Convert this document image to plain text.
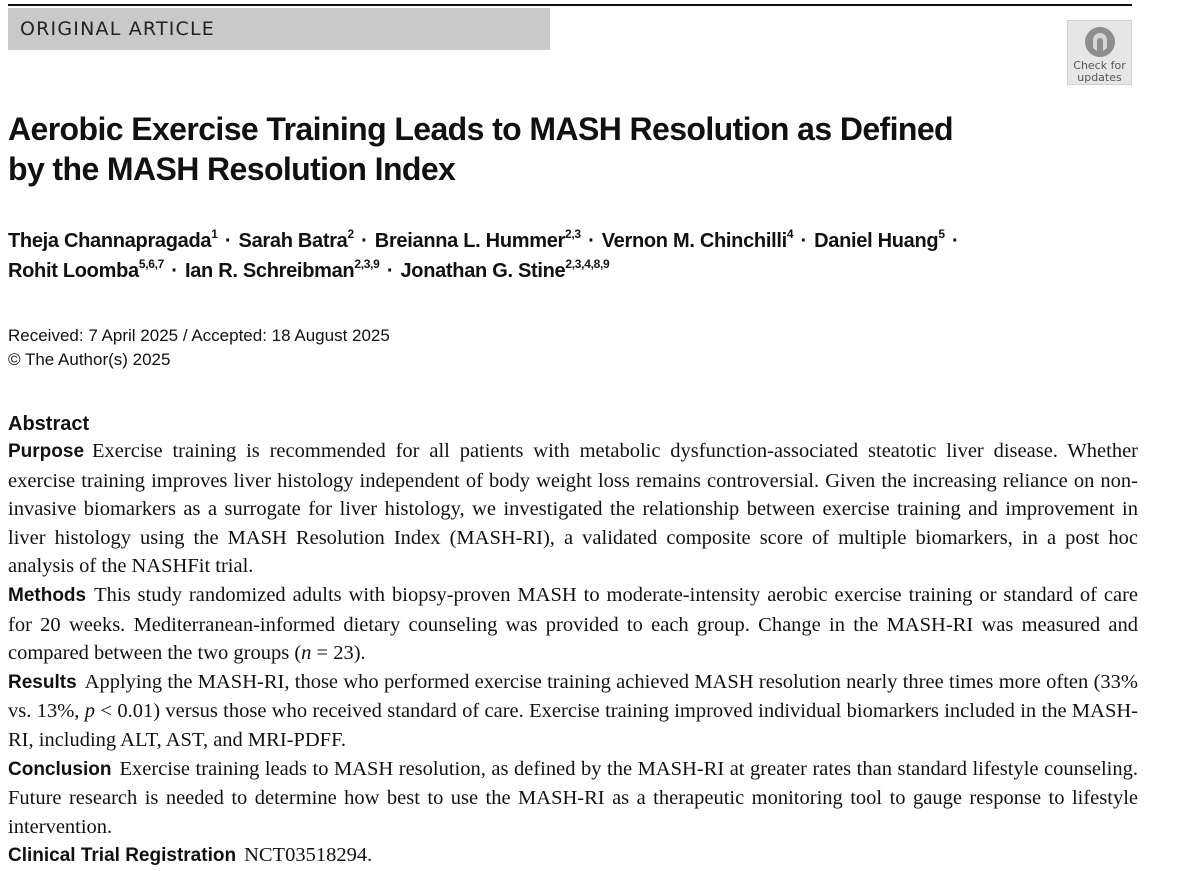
ORIGINAL ARTICLE
Check for
updates
Aerobic Exercise Training Leads to MASH Resolution as Defined
by the MASH Resolution Index
Theja Channapragada$^1$ · Sarah Batra$^2$ · Breianna L. Hummer$^{2,3}$ · Vernon M. Chinchilli$^4$ · Daniel Huang$^5$ ·
Rohit Loomba$^{5,6,7}$ · Ian R. Schreibman$^{2,3,9}$ · Jonathan G. Stine$^{2,3,4,8,9}$
Received: 7 April 2025 / Accepted: 18 August 2025
© The Author(s) 2025

Abstract

Purpose Exercise training is recommended for all patients with metabolic dysfunction-associated steatotic liver disease. Whether exercise training improves liver histology independent of body weight loss remains controversial. Given the increasing reliance on non-invasive biomarkers as a surrogate for liver histology, we investigated the relationship between exercise training and improvement in liver histology using the MASH Resolution Index (MASH-RI), a validated composite score of multiple biomarkers, in a post hoc analysis of the NASHFit trial.

Methods This study randomized adults with biopsy-proven MASH to moderate-intensity aerobic exercise training or standard of care for 20 weeks. Mediterranean-informed dietary counseling was provided to each group. Change in the MASH-RI was measured and compared between the two groups (n = 23).

Results Applying the MASH-RI, those who performed exercise training achieved MASH resolution nearly three times more often (33% vs. 13%, p < 0.01) versus those who received standard of care. Exercise training improved individual biomarkers included in the MASH-RI, including ALT, AST, and MRI-PDFF.

Conclusion Exercise training leads to MASH resolution, as defined by the MASH-RI at greater rates than standard lifestyle counseling. Future research is needed to determine how best to use the MASH-RI as a therapeutic monitoring tool to gauge response to lifestyle intervention.

Clinical Trial Registration NCT03518294.
